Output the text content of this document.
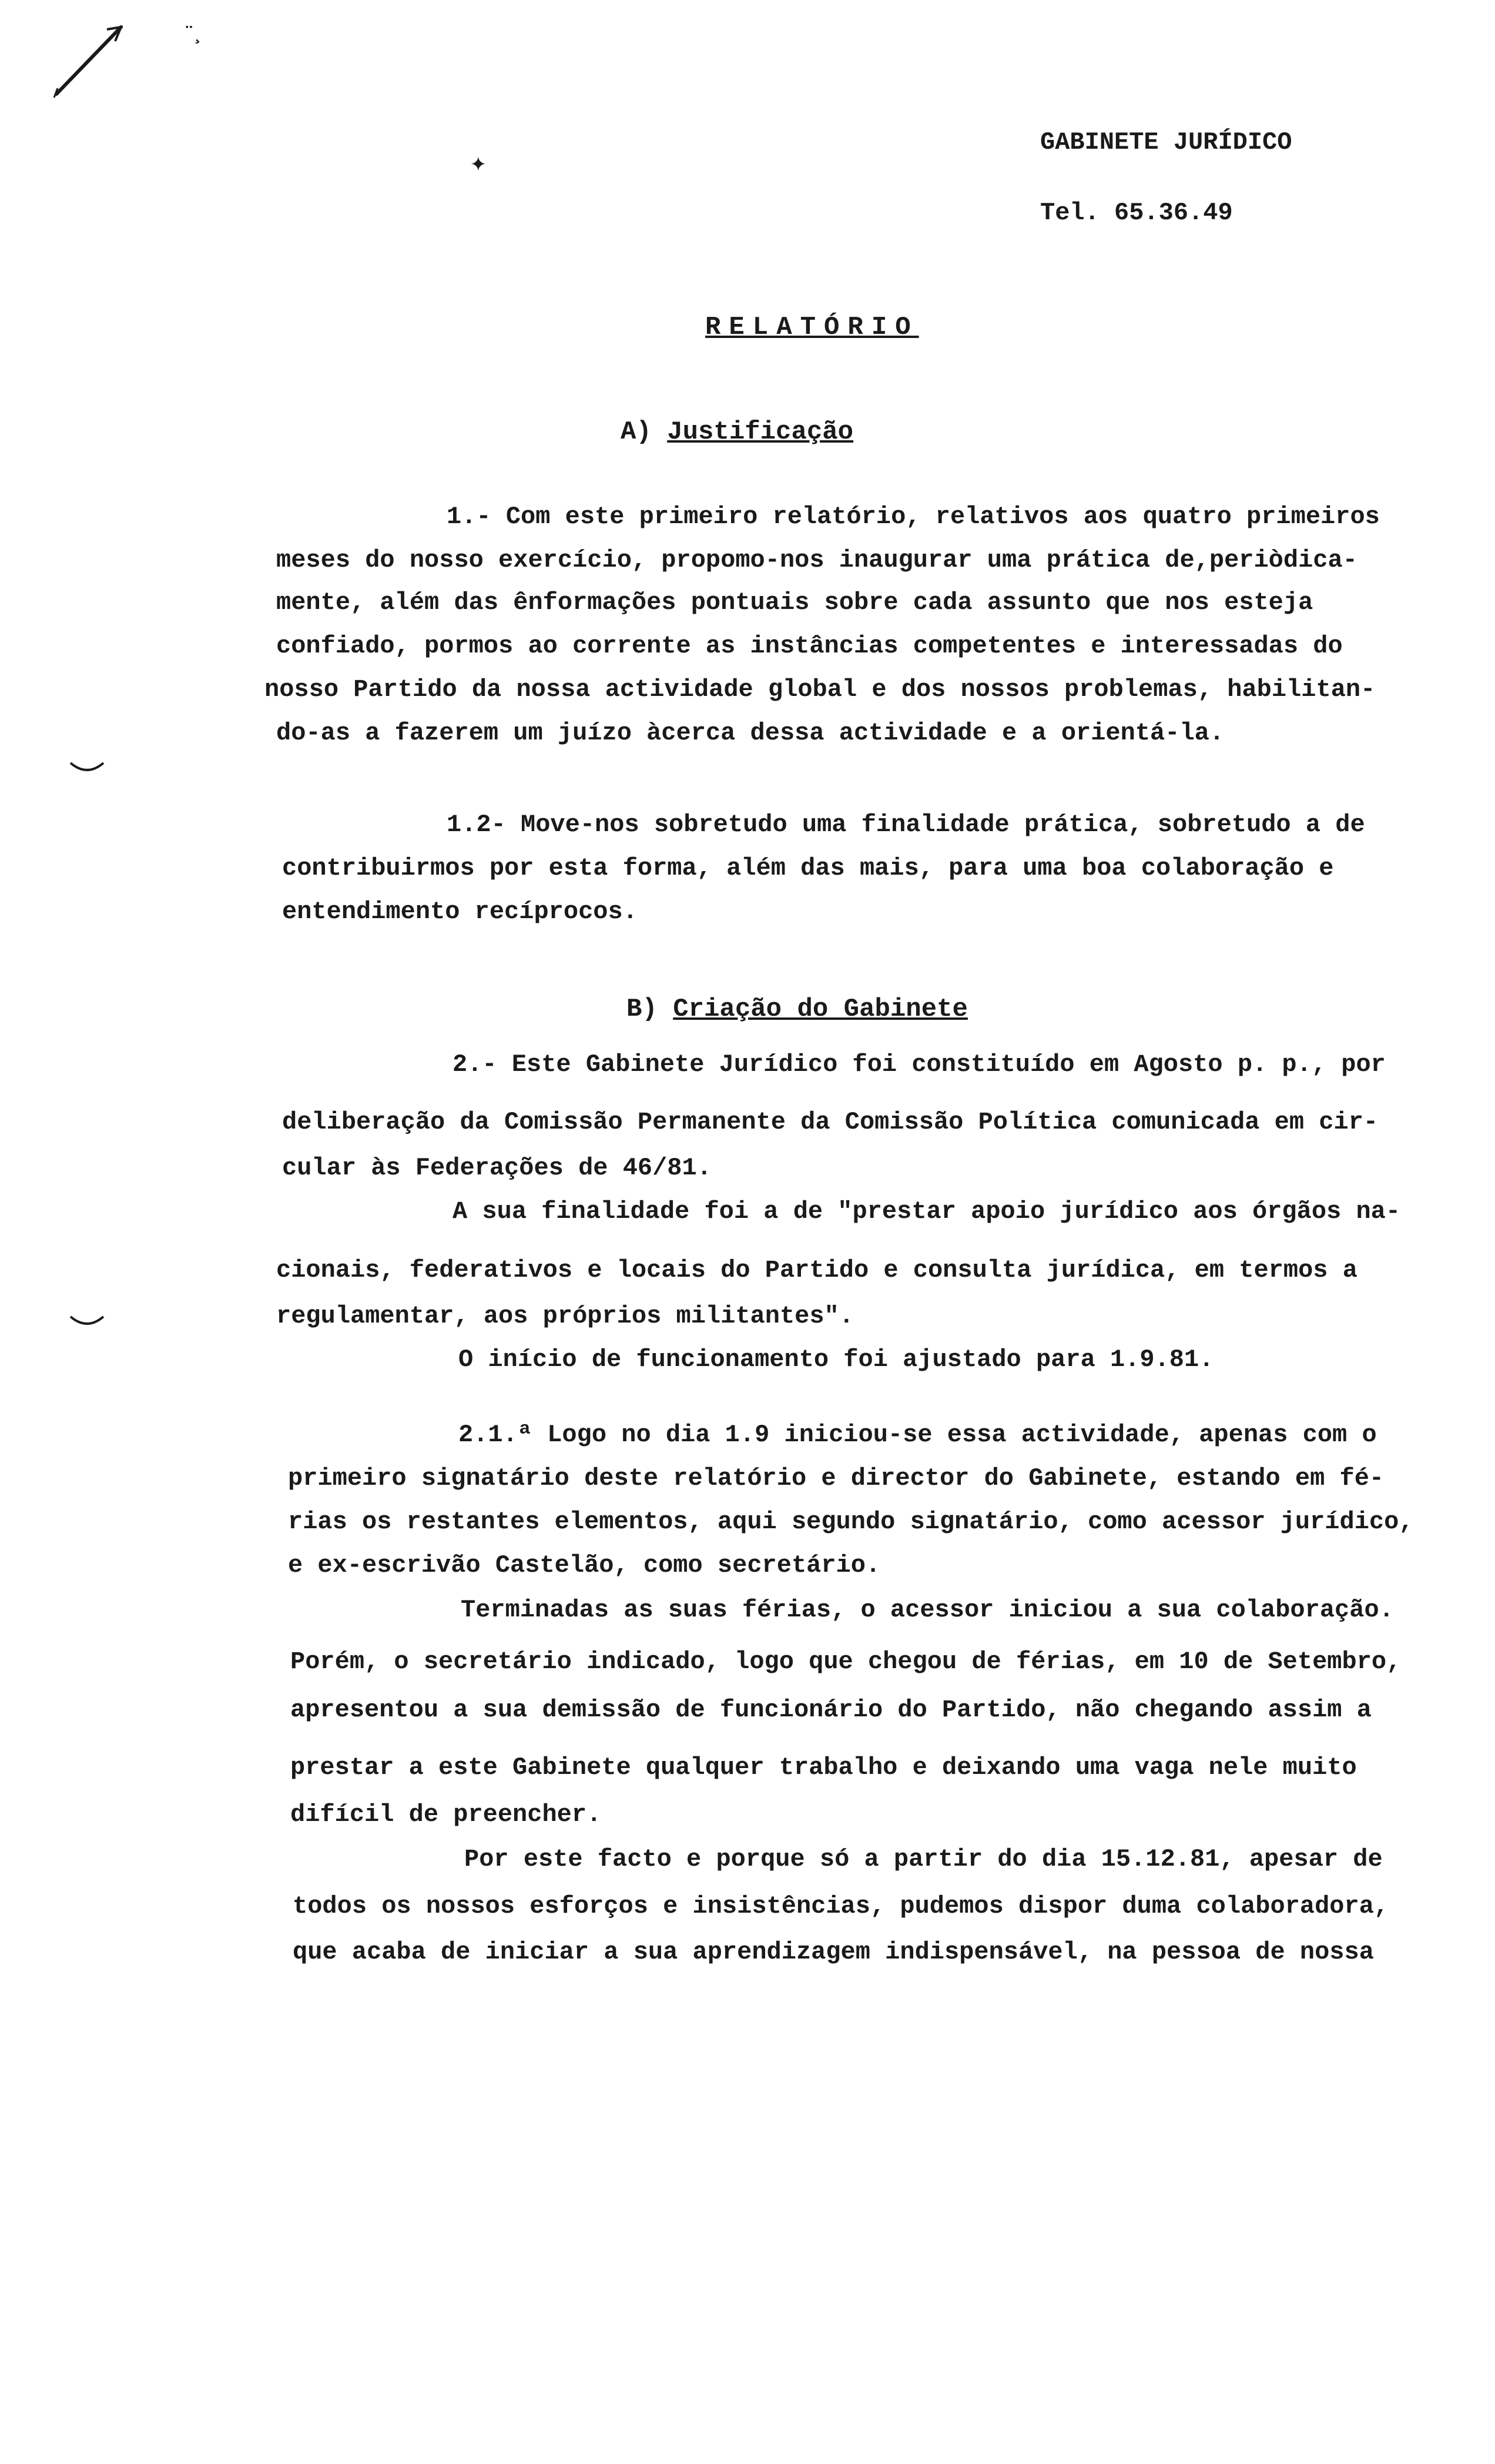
¨¸
✦
GABINETE JURÍDICO
Tel. 65.36.49
RELATÓRIO
A) Justificação
B) Criação do Gabinete
1.- Com este primeiro relatório, relativos aos quatro primeiros
meses do nosso exercício, propomo-nos inaugurar uma prática de,periòdica-
mente, além das ênformações pontuais sobre cada assunto que nos esteja
confiado, pormos ao corrente as instâncias competentes e interessadas do
nosso Partido da nossa actividade global e dos nossos problemas, habilitan-
do-as a fazerem um juízo àcerca dessa actividade e a orientá-la.
1.2- Move-nos sobretudo uma finalidade prática, sobretudo a de
contribuirmos por esta forma, além das mais, para uma boa colaboração e
entendimento recíprocos.
2.- Este Gabinete Jurídico foi constituído em Agosto p. p., por
deliberação da Comissão Permanente da Comissão Política comunicada em cir-
cular às Federações de 46/81.
A sua finalidade foi a de "prestar apoio jurídico aos órgãos na-
cionais, federativos e locais do Partido e consulta jurídica, em termos a
regulamentar, aos próprios militantes".
O início de funcionamento foi ajustado para 1.9.81.
2.1.ª Logo no dia 1.9 iniciou-se essa actividade, apenas com o
primeiro signatário deste relatório e director do Gabinete, estando em fé-
rias os restantes elementos, aqui segundo signatário, como acessor jurídico,
e ex-escrivão Castelão, como secretário.
Terminadas as suas férias, o acessor iniciou a sua colaboração.
Porém, o secretário indicado, logo que chegou de férias, em 10 de Setembro,
apresentou a sua demissão de funcionário do Partido, não chegando assim a
prestar a este Gabinete qualquer trabalho e deixando uma vaga nele muito
difícil de preencher.
Por este facto e porque só a partir do dia 15.12.81, apesar de
todos os nossos esforços e insistências, pudemos dispor duma colaboradora,
que acaba de iniciar a sua aprendizagem indispensável, na pessoa de nossa
